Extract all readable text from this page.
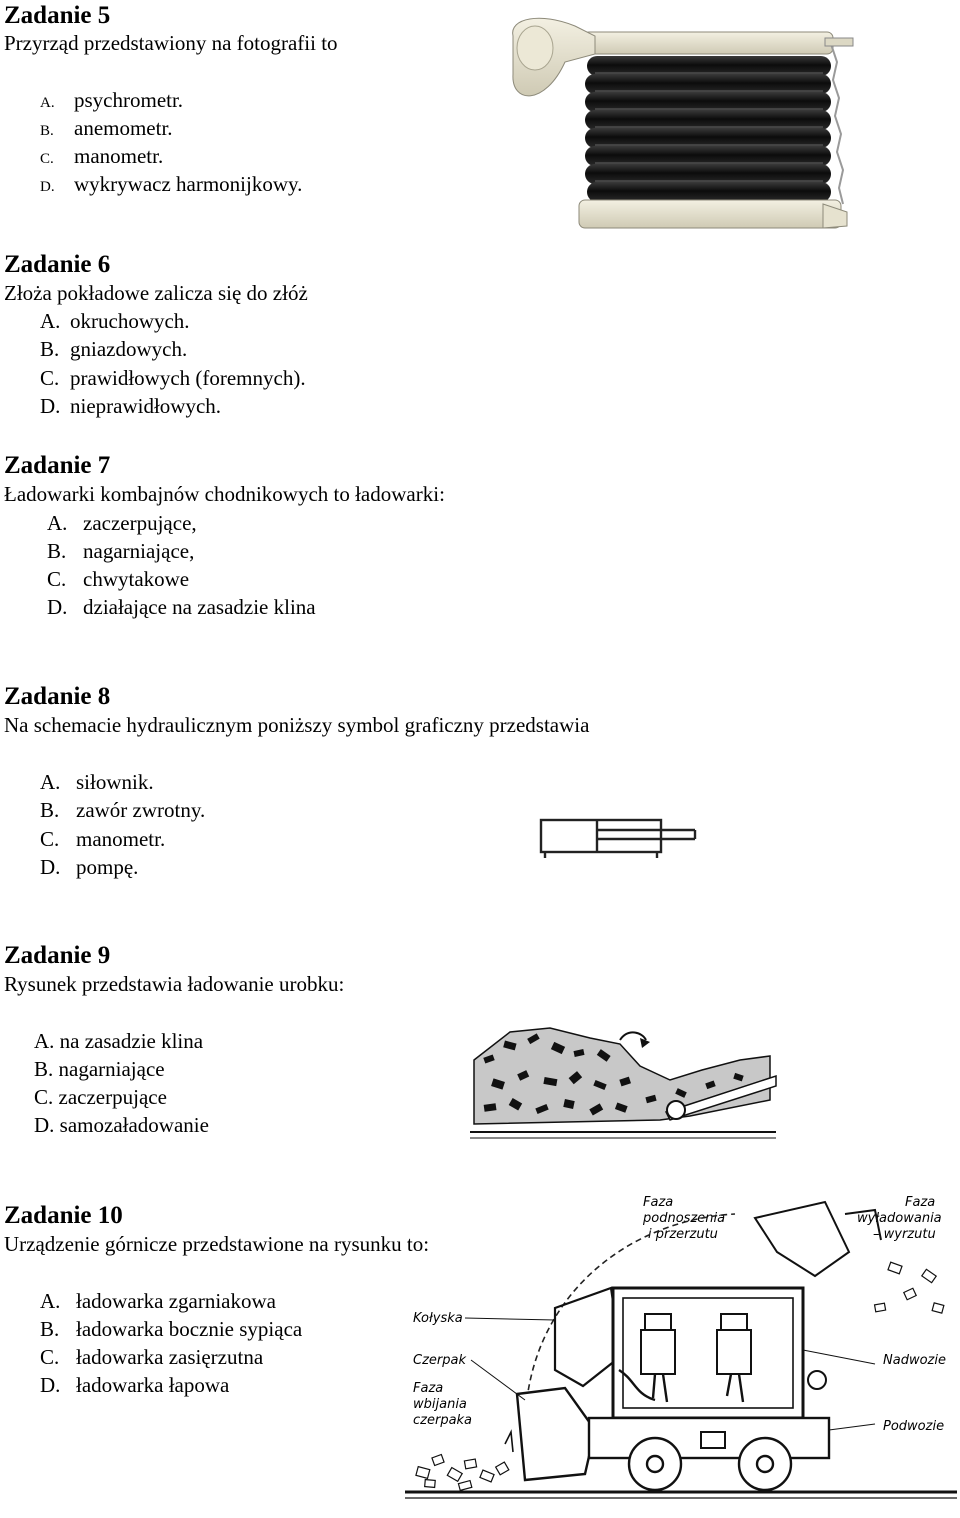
Zadanie 5
Przyrząd przedstawiony na fotografii to
A. psychrometr.
B. anemometr.
C. manometr.
D. wykrywacz harmonijkowy.
Zadanie 6
Złoża pokładowe zalicza się do złóż
A. okruchowych.
B. gniazdowych.
C. prawidłowych (foremnych).
D. nieprawidłowych.
Zadanie 7
Ładowarki kombajnów chodnikowych to ładowarki:
A. zaczerpujące,
B. nagarniające,
C. chwytakowe
D. działające na zasadzie klina
Zadanie 8
Na schemacie hydraulicznym poniższy symbol graficzny przedstawia
A. siłownik.
B. zawór zwrotny.
C. manometr.
D. pompę.
Zadanie 9
Rysunek przedstawia ładowanie urobku:
A. na zasadzie klina
B. nagarniające
C. zaczerpujące
D. samozaładowanie
Zadanie 10
Urządzenie górnicze przedstawione na rysunku to:
A. ładowarka zgarniakowa
B. ładowarka bocznie sypiąca
C. ładowarka zasięrzutna
D. ładowarka łapowa
Faza
podnoszenia
i przerzutu
Faza
wyładowania
– wyrzutu
Kołyska
Czerpak	Nadwozie
Faza
wbijania
czerpaka	Podwozie
